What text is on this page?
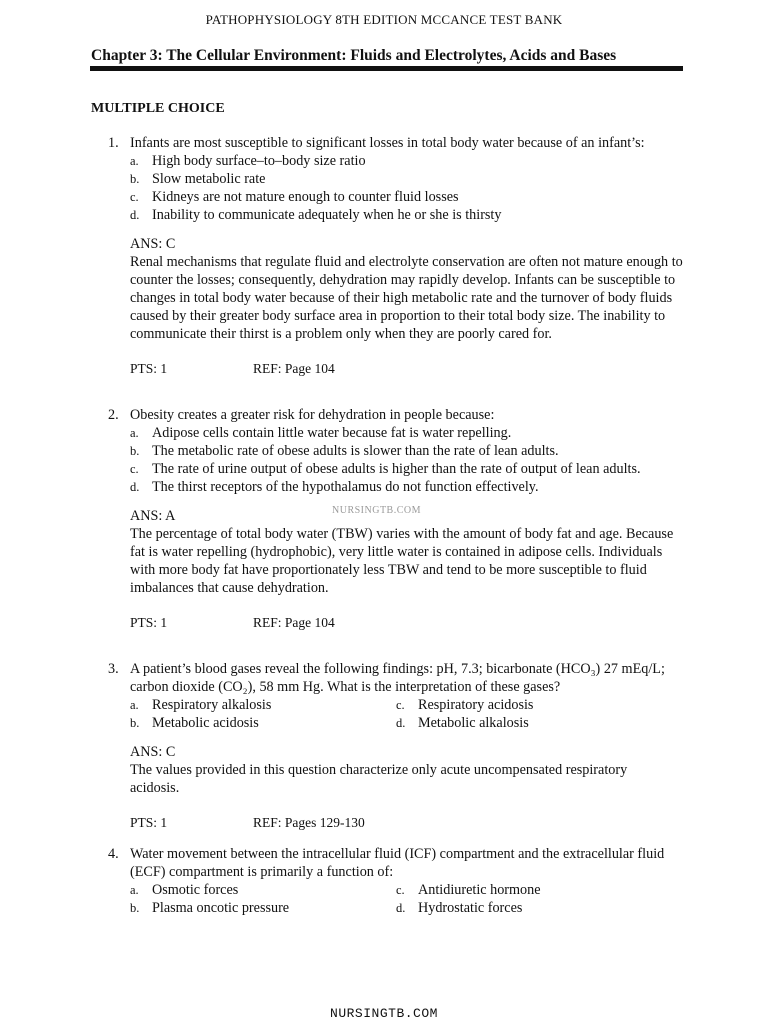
PATHOPHYSIOLOGY 8TH EDITION MCCANCE TEST BANK
Chapter 3: The Cellular Environment: Fluids and Electrolytes, Acids and Bases
MULTIPLE CHOICE
1. Infants are most susceptible to significant losses in total body water because of an infant’s:
a. High body surface–to–body size ratio
b. Slow metabolic rate
c. Kidneys are not mature enough to counter fluid losses
d. Inability to communicate adequately when he or she is thirsty
ANS: C
Renal mechanisms that regulate fluid and electrolyte conservation are often not mature enough to counter the losses; consequently, dehydration may rapidly develop. Infants can be susceptible to changes in total body water because of their high metabolic rate and the turnover of body fluids caused by their greater body surface area in proportion to their total body size. The inability to communicate their thirst is a problem only when they are poorly cared for.
PTS: 1	REF: Page 104
2. Obesity creates a greater risk for dehydration in people because:
a. Adipose cells contain little water because fat is water repelling.
b. The metabolic rate of obese adults is slower than the rate of lean adults.
c. The rate of urine output of obese adults is higher than the rate of output of lean adults.
d. The thirst receptors of the hypothalamus do not function effectively.
ANS: A
The percentage of total body water (TBW) varies with the amount of body fat and age. Because fat is water repelling (hydrophobic), very little water is contained in adipose cells. Individuals with more body fat have proportionately less TBW and tend to be more susceptible to fluid imbalances that cause dehydration.
PTS: 1	REF: Page 104
NURSINGTB.COM
3. A patient’s blood gases reveal the following findings: pH, 7.3; bicarbonate (HCO₃) 27 mEq/L; carbon dioxide (CO₂), 58 mm Hg. What is the interpretation of these gases?
a. Respiratory alkalosis	c. Respiratory acidosis
b. Metabolic acidosis	d. Metabolic alkalosis
ANS: C
The values provided in this question characterize only acute uncompensated respiratory acidosis.
PTS: 1	REF: Pages 129-130
4. Water movement between the intracellular fluid (ICF) compartment and the extracellular fluid (ECF) compartment is primarily a function of:
a. Osmotic forces	c. Antidiuretic hormone
b. Plasma oncotic pressure	d. Hydrostatic forces
NURSINGTB.COM
